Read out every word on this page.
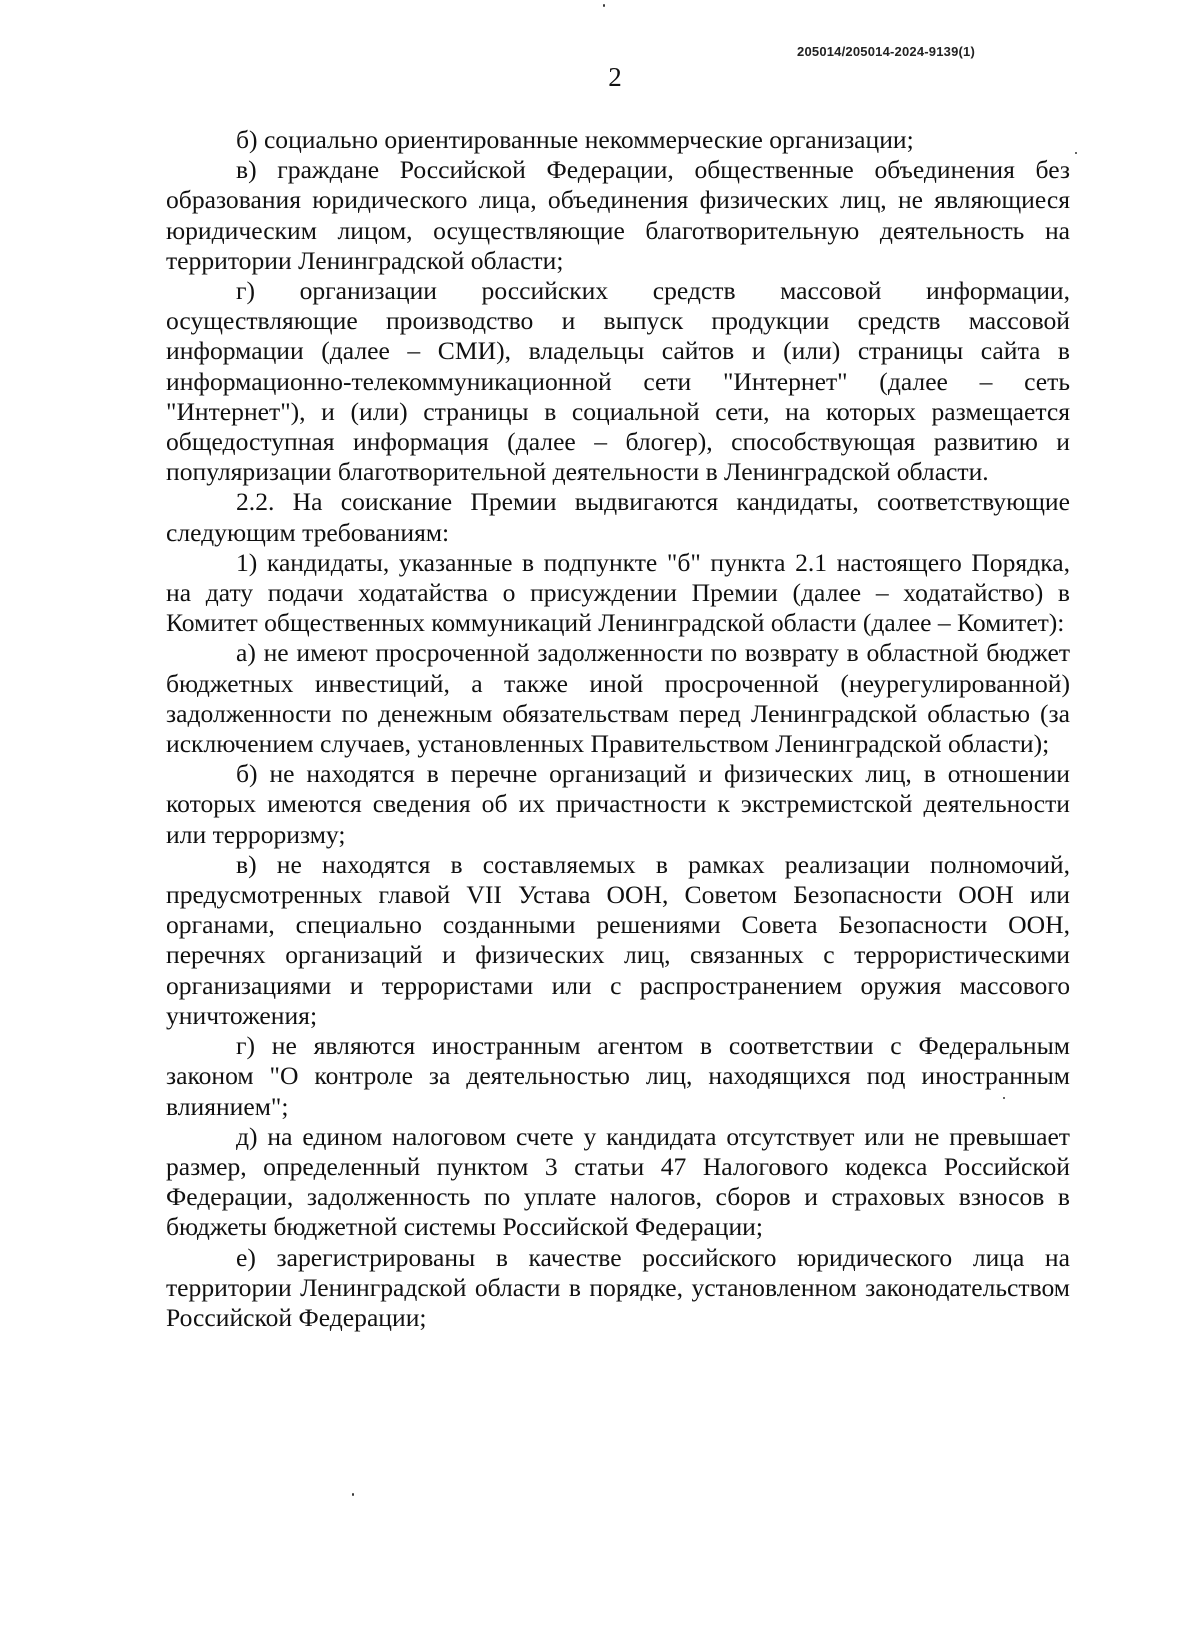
205014/205014-2024-9139(1)
2

б) социально ориентированные некоммерческие организации;

в) граждане Российской Федерации, общественные объединения без образования юридического лица, объединения физических лиц, не являющиеся юридическим лицом, осуществляющие благотворительную деятельность на территории Ленинградской области;

г) организации российских средств массовой информации, осуществляющие производство и выпуск продукции средств массовой информации (далее – СМИ), владельцы сайтов и (или) страницы сайта в информационно-телекоммуникационной сети "Интернет" (далее – сеть "Интернет"), и (или) страницы в социальной сети, на которых размещается общедоступная информация (далее – блогер), способствующая развитию и популяризации благотворительной деятельности в Ленинградской области.

2.2. На соискание Премии выдвигаются кандидаты, соответствующие следующим требованиям:

1) кандидаты, указанные в подпункте "б" пункта 2.1 настоящего Порядка, на дату подачи ходатайства о присуждении Премии (далее – ходатайство) в Комитет общественных коммуникаций Ленинградской области (далее – Комитет):

а) не имеют просроченной задолженности по возврату в областной бюджет бюджетных инвестиций, а также иной просроченной (неурегулированной) задолженности по денежным обязательствам перед Ленинградской областью (за исключением случаев, установленных Правительством Ленинградской области);

б) не находятся в перечне организаций и физических лиц, в отношении которых имеются сведения об их причастности к экстремистской деятельности или терроризму;

в) не находятся в составляемых в рамках реализации полномочий, предусмотренных главой VII Устава ООН, Советом Безопасности ООН или органами, специально созданными решениями Совета Безопасности ООН, перечнях организаций и физических лиц, связанных с террористическими организациями и террористами или с распространением оружия массового уничтожения;

г) не являются иностранным агентом в соответствии с Федеральным законом "О контроле за деятельностью лиц, находящихся под иностранным влиянием";

д) на едином налоговом счете у кандидата отсутствует или не превышает размер, определенный пунктом 3 статьи 47 Налогового кодекса Российской Федерации, задолженность по уплате налогов, сборов и страховых взносов в бюджеты бюджетной системы Российской Федерации;

е) зарегистрированы в качестве российского юридического лица на территории Ленинградской области в порядке, установленном законодательством Российской Федерации;
